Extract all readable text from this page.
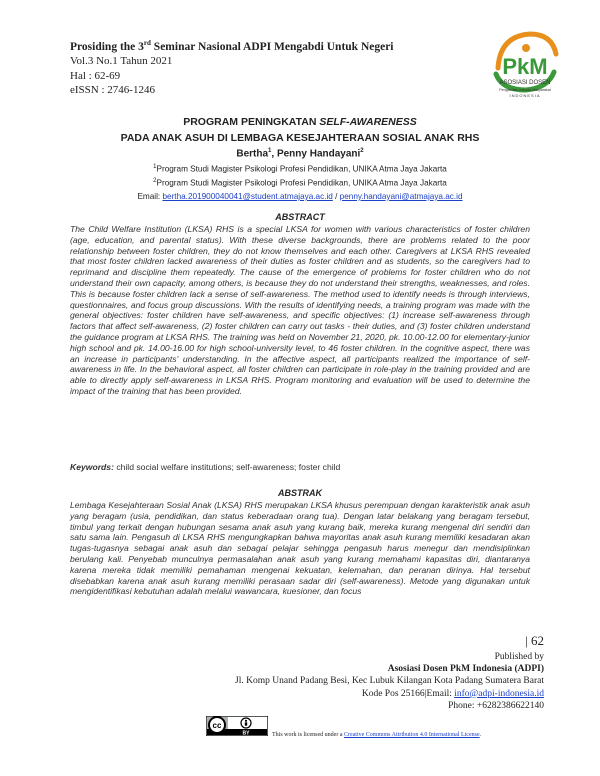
Prosiding the 3rd Seminar Nasional ADPI Mengabdi Untuk Negeri
Vol.3 No.1 Tahun 2021
Hal : 62-69
eISSN : 2746-1246
PkM
ASOSIASI DOSEN
Pengabdian kepada Masyarakat
INDONESIA
PROGRAM PENINGKATAN SELF-AWARENESS
PADA ANAK ASUH DI LEMBAGA KESEJAHTERAAN SOSIAL ANAK RHS
Bertha$^1$, Penny Handayani$^2$
$^1$Program Studi Magister Psikologi Profesi Pendidikan, UNIKA Atma Jaya Jakarta
$^2$Program Studi Magister Psikologi Profesi Pendidikan, UNIKA Atma Jaya Jakarta
Email: bertha.201900040041@student.atmajaya.ac.id / penny.handayani@atmajaya.ac.id
ABSTRACT

The Child Welfare Institution (LKSA) RHS is a special LKSA for women with various characteristics of foster children (age, education, and parental status). With these diverse backgrounds, there are problems related to the poor relationship between foster children, they do not know themselves and each other. Caregivers at LKSA RHS revealed that most foster children lacked awareness of their duties as foster children and as students, so the caregivers had to reprimand and discipline them repeatedly. The cause of the emergence of problems for foster children who do not understand their own capacity, among others, is because they do not understand their strengths, weaknesses, and roles. This is because foster children lack a sense of self-awareness. The method used to identify needs is through interviews, questionnaires, and focus group discussions. With the results of identifying needs, a training program was made with the general objectives: foster children have self-awareness, and specific objectives: (1) increase self-awareness through factors that affect self-awareness, (2) foster children can carry out tasks - their duties, and (3) foster children understand the guidance program at LKSA RHS. The training was held on November 21, 2020, pk. 10.00-12.00 for elementary-junior high school and pk. 14.00-16.00 for high school-university level, to 46 foster children. In the cognitive aspect, there was an increase in participants' understanding. In the affective aspect, all participants realized the importance of self-awareness in life. In the behavioral aspect, all foster children can participate in role-play in the training provided and are able to directly apply self-awareness in LKSA RHS. Program monitoring and evaluation will be used to determine the impact of the training that has been provided.

Keywords: child social welfare institutions; self-awareness; foster child
ABSTRAK

Lembaga Kesejahteraan Sosial Anak (LKSA) RHS merupakan LKSA khusus perempuan dengan karakteristik anak asuh yang beragam (usia, pendidikan, dan status keberadaan orang tua). Dengan latar belakang yang beragam tersebut, timbul yang terkait dengan hubungan sesama anak asuh yang kurang baik, mereka kurang mengenal diri sendiri dan satu sama lain. Pengasuh di LKSA RHS mengungkapkan bahwa mayoritas anak asuh kurang memiliki kesadaran akan tugas-tugasnya sebagai anak asuh dan sebagai pelajar sehingga pengasuh harus menegur dan mendisiplinkan berulang kali. Penyebab munculnya permasalahan anak asuh yang kurang memahami kapasitas diri, diantaranya karena mereka tidak memiliki pemahaman mengenai kekuatan, kelemahan, dan peranan dirinya. Hal tersebut disebabkan karena anak asuh kurang memiliki perasaan sadar diri (self-awareness). Metode yang digunakan untuk mengidentifikasi kebutuhan adalah melalui wawancara, kuesioner, dan focus

| 62
Published by
Asosiasi Dosen PkM Indonesia (ADPI)
Jl. Komp Unand Padang Besi, Kec Lubuk Kilangan Kota Padang Sumatera Barat
Kode Pos 25166|Email: info@adpi-indonesia.id
Phone: +6282386622140
cc
BY	This work is licensed under a Creative Commons Attribution 4.0 International License.
